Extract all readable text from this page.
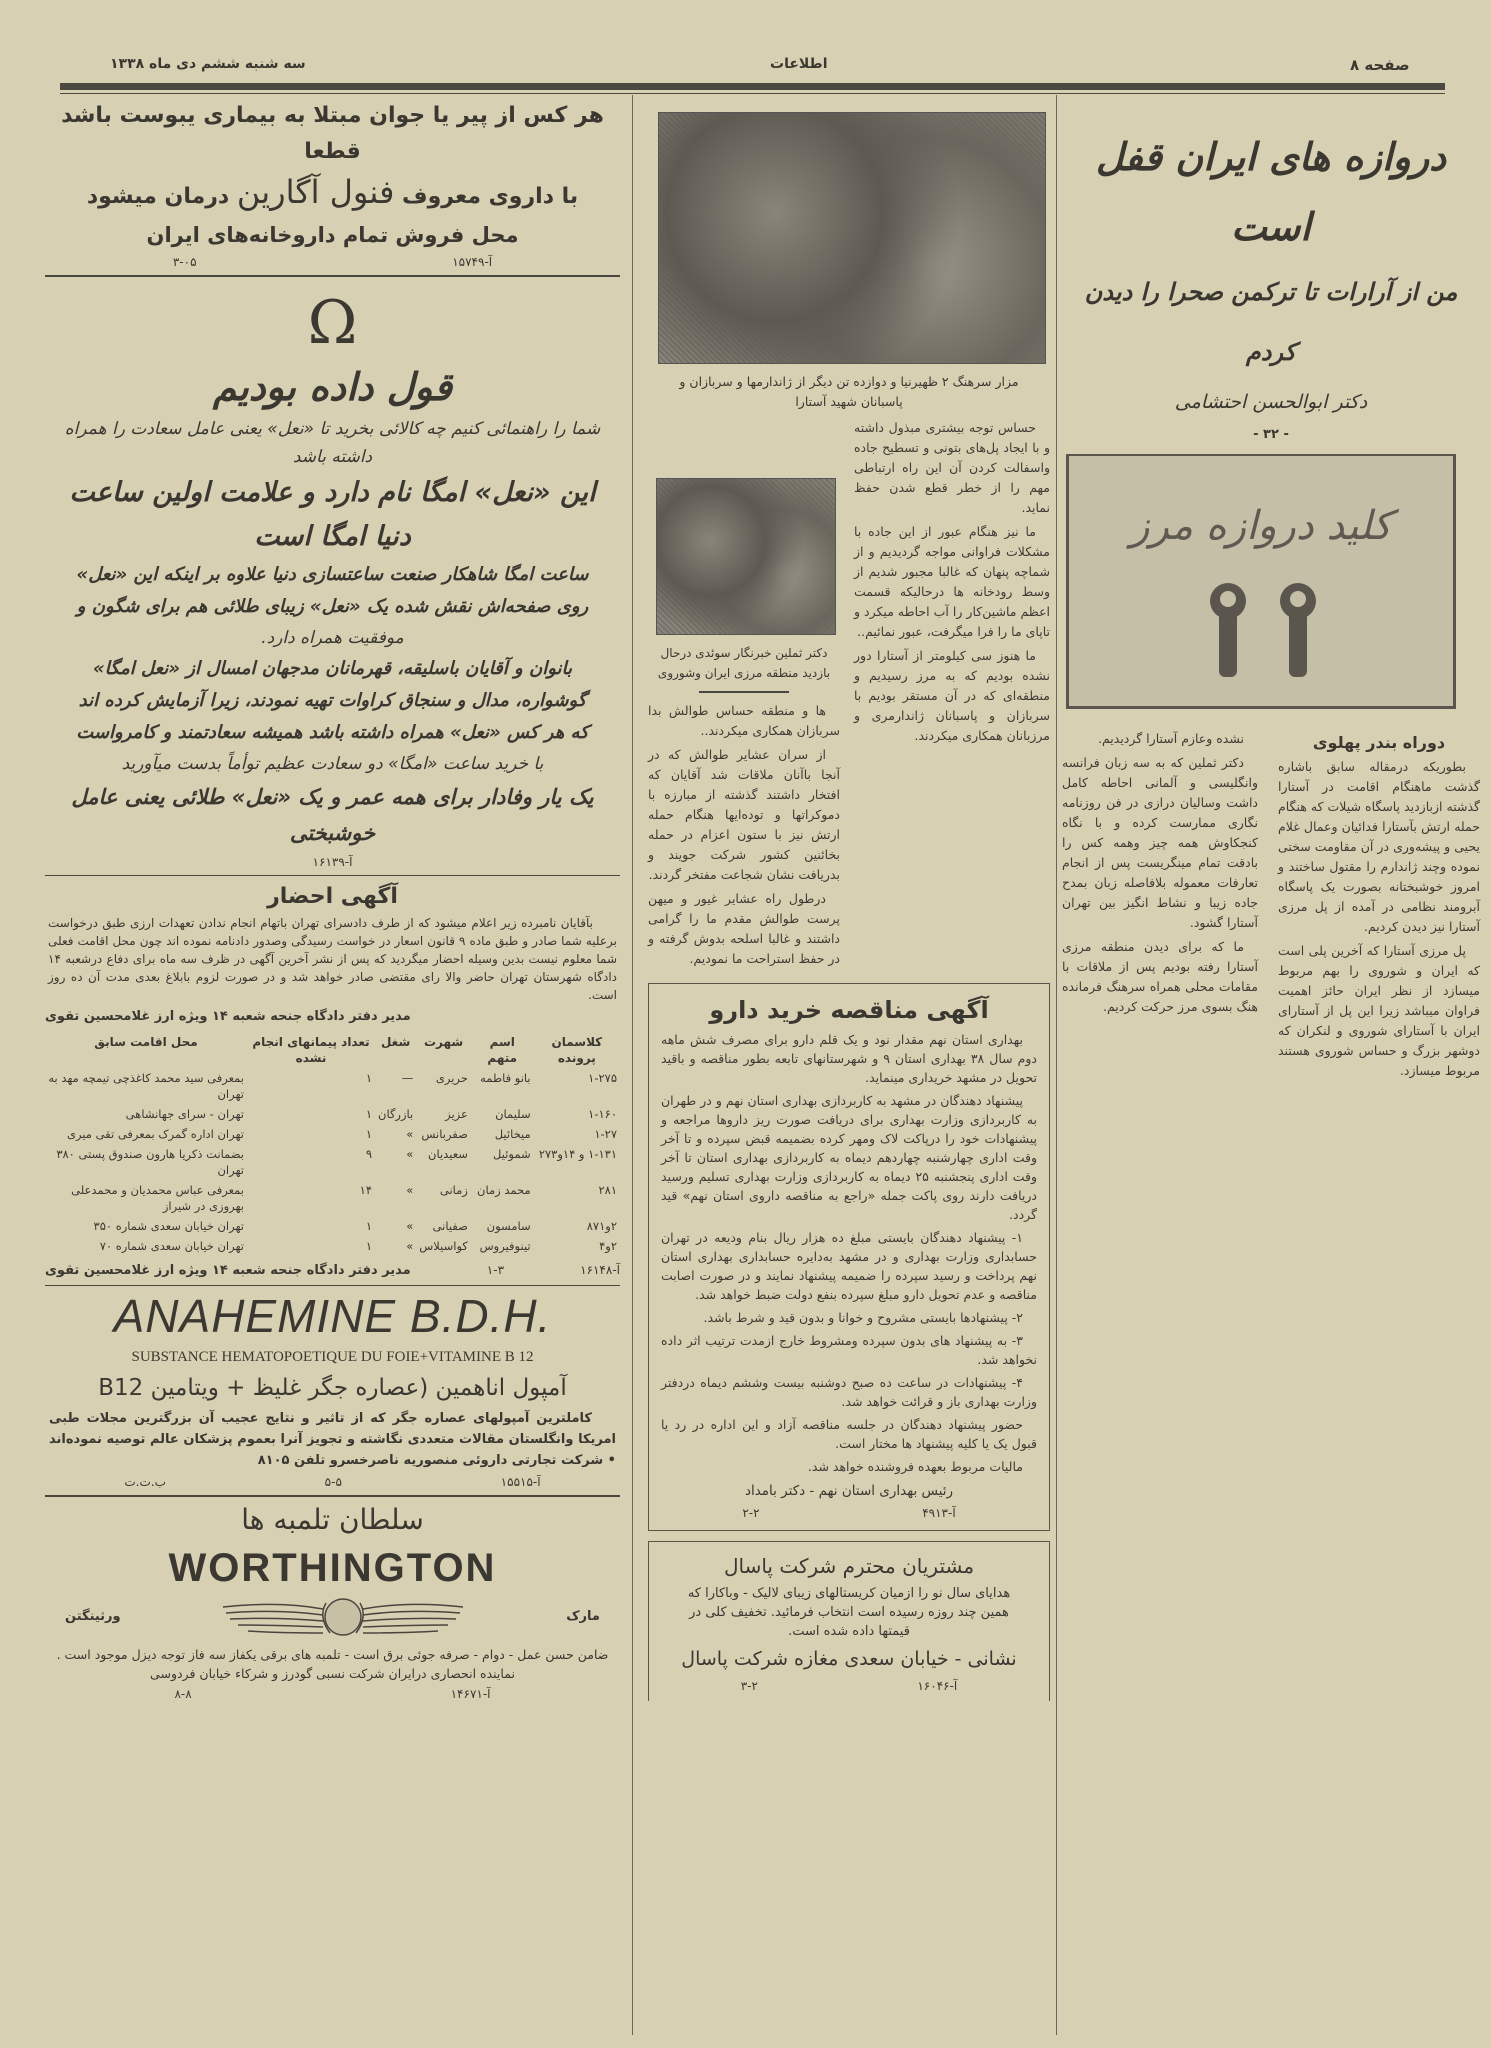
صفحه ۸
اطلاعات
سه شنبه ششم دی ماه ۱۳۳۸
هر کس از پیر یا جوان مبتلا به بیماری یبوست باشد قطعا
با داروی معروف فنول آگارین درمان میشود
محل فروش تمام داروخانه‌های ایران
۳-۰۵	آ-۱۵۷۴۹
Ω
قول داده بودیم
شما را راهنمائی کنیم چه کالائی بخرید تا «نعل» یعنی عامل سعادت را همراه
داشته باشد
این «نعل» امگا نام دارد و علامت اولین ساعت
دنیا امگا است
ساعت امگا شاهکار صنعت ساعتسازی دنیا علاوه بر اینکه این «نعل»
روی صفحه‌اش نقش شده یک «نعل» زیبای طلائی هم برای شگون و
موفقیت همراه دارد.
بانوان و آقایان باسلیقه، قهرمانان مدجهان امسال از «نعل امگا»
گوشواره، مدال و سنجاق کراوات تهیه نمودند، زیرا آزمایش کرده اند
که هر کس «نعل» همراه داشته باشد همیشه سعادتمند و کامرواست
با خرید ساعت «امگا» دو سعادت عظیم توأماً بدست میآورید
یک یار وفادار برای همه عمر و یک «نعل» طلائی یعنی عامل خوشبختی
آ-۱۶۱۳۹
آگهی احضار
بآقایان نامبرده زیر اعلام میشود که از طرف دادسرای تهران باتهام انجام ندادن تعهدات ارزی طبق درخواست برعلیه شما صادر و طبق ماده ۹ قانون اسعار در خواست رسیدگی وصدور دادنامه نموده اند چون محل اقامت فعلی شما معلوم نیست بدین وسیله احضار میگردید که پس از نشر آخرین آگهی در ظرف سه ماه برای دفاع درشعبه ۱۴ دادگاه شهرستان تهران حاضر والا رای مقتضی صادر خواهد شد و در صورت لزوم بابلاغ بعدی مدت آن ده روز است.
مدیر دفتر دادگاه جنحه شعبه ۱۴ ویژه ارز غلامحسین تقوی
کلاسمان پرونده	اسم متهم	شهرت	شغل	تعداد پیمانهای انجام نشده	محل اقامت سابق
۱-۲۷۵	بانو فاطمه	حریری	—	۱	بمعرفی سید محمد کاغذچی تیمچه مهد به تهران
۱-۱۶۰	سلیمان	عزیز	بازرگان	۱	تهران - سرای جهانشاهی
۱-۲۷	میخائیل	صفربانس	»	۱	تهران اداره گمرک بمعرفی تقی میری
۱-۱۳۱ و ۱۴و۲۷۳	شموئیل	سعیدیان	»	۹	بضمانت ذکریا هارون صندوق پستی ۳۸۰ تهران
۲۸۱	محمد زمان	زمانی	»	۱۴	بمعرفی عباس محمدیان و محمدعلی بهروزی در شیراز
۲و۸۷۱	سامسون	صفیانی	»	۱	تهران خیابان سعدی شماره ۳۵۰
۲و۴	تینوفیروس	کواسیلاس	»	۱	تهران خیابان سعدی شماره ۷۰
آ-۱۶۱۴۸
۱-۳
مدیر دفتر دادگاه جنحه شعبه ۱۴ ویژه ارز غلامحسین تقوی
ANAHEMINE B.D.H.
SUBSTANCE HEMATOPOETIQUE DU FOIE+VITAMINE B 12
آمپول اناهمین (عصاره جگر غلیظ + ویتامین B12
کاملترین آمپولهای عصاره جگر که از تاثیر و نتایج عجیب آن بزرگترین مجلات طبی امریکا وانگلستان مقالات متعددی نگاشته و تجویز آنرا بعموم پزشکان عالم توصیه نموده‌اند • شرکت تجارتی داروئی منصوریه ناصرخسرو تلفن ۸۱۰۵
ب.ت.ت	۵-۵	آ-۱۵۵۱۵
سلطان تلمبه ها
WORTHINGTON
ورثینگتن	مارک
ضامن حسن عمل - دوام - صرفه جوئی برق است - تلمبه های برقی یکفاز سه فاز توجه دیزل موجود است . نماینده انحصاری درایران شرکت نسبی گودرز و شرکاء خیابان فردوسی
۸-۸	آ-۱۴۶۷۱
مزار سرهنگ ۲ ظهیرنیا و دوازده تن دیگر از ژاندارمها و سربازان و پاسبانان شهید آستارا

حساس توجه بیشتری مبذول داشته و با ایجاد پل‌های بتونی و تسطیح جاده واسفالت کردن آن این راه ارتباطی مهم را از خطر قطع شدن حفظ نماید.

ما نیز هنگام عبور از این جاده با مشکلات فراوانی مواجه گردیدیم و از شماچه پنهان که غالبا مجبور شدیم از وسط رودخانه ها درحالیکه قسمت اعظم ماشین‌کار را آب احاطه میکرد و تاپای ما را فرا میگرفت، عبور نمائیم..

ما هنوز سی کیلومتر از آستارا دور نشده بودیم که به مرز رسیدیم و منطقه‌ای که در آن مستقر بودیم با سربازان و پاسبانان ژاندارمری و مرزبانان همکاری میکردند.

دکتر ثملین خبرنگار سوئدی درحال بازدید منطقه مرزی ایران وشوروی

ها و منطقه حساس طوالش بدا سربازان همکاری میکردند..

از سران عشایر طوالش که در آنجا باآنان ملاقات شد آقایان که افتخار داشتند گذشته از مبارزه با دموکراتها و توده‌ایها هنگام حمله ارتش نیز با ستون اعزام در حمله بخائنین کشور شرکت جویند و بدریافت نشان شجاعت مفتخر گردند.

درطول راه عشایر غیور و میهن پرست طوالش مقدم ما را گرامی داشتند و غالبا اسلحه بدوش گرفته و در حفظ استراحت ما نمودیم.

آگهی مناقصه خرید دارو

بهداری استان نهم مقدار نود و یک قلم دارو برای مصرف شش ماهه دوم سال ۳۸ بهداری استان ۹ و شهرستانهای تابعه بطور مناقصه و باقید تحویل در مشهد خریداری مینماید.

پیشنهاد دهندگان در مشهد به کاربردازی بهداری استان نهم و در طهران به کاربردازی وزارت بهداری برای دریافت صورت ریز داروها مراجعه و پیشنهادات خود را درپاکت لاک ومهر کرده بضمیمه قبض سپرده و تا آخر وقت اداری چهارشنبه چهاردهم دیماه به کاربردازی بهداری استان تا آخر وقت اداری پنجشنبه ۲۵ دیماه به کاربردازی وزارت بهداری تسلیم ورسید دریافت دارند روی پاکت جمله «راجع به مناقصه داروی استان نهم» قید گردد.

۱- پیشنهاد دهندگان بایستی مبلغ ده هزار ریال بنام ودیعه در تهران حسابداری وزارت بهداری و در مشهد به‌دایره حسابداری بهداری استان نهم پرداخت و رسید سپرده را ضمیمه پیشنهاد نمایند و در صورت اصابت مناقصه و عدم تحویل دارو مبلغ سپرده بنفع دولت ضبط خواهد شد.

۲- پیشنهادها بایستی مشروح و خوانا و بدون قید و شرط باشد.

۳- به پیشنهاد های بدون سپرده ومشروط خارج ازمدت ترتیب اثر داده نخواهد شد.

۴- پیشنهادات در ساعت ده صبح دوشنبه بیست وششم دیماه دردفتر وزارت بهداری باز و قرائت خواهد شد.

حضور پیشنهاد دهندگان در جلسه مناقصه آزاد و این اداره در رد یا قبول یک یا کلیه پیشنهاد ها مختار است.

مالیات مربوط بعهده فروشنده خواهد شد.

رئیس بهداری استان نهم - دکتر بامداد
۲-۲	آ-۴۹۱۳
مشتریان محترم شرکت پاسال
هدایای سال نو را ازمیان کریستالهای زیبای لالیک - وباکارا که همین چند روزه رسیده است انتخاب فرمائید. تخفیف کلی در قیمتها داده شده است.
نشانی - خیابان سعدی مغازه شرکت پاسال
۳-۲	آ-۱۶۰۴۶
دروازه های ایران قفل است
من از آرارات تا ترکمن صحرا را دیدن کردم
دکتر ابوالحسن احتشامی
- ۳۲ -
کلید دروازه مرز
دوراه بندر پهلوی

بطوریکه درمقاله سابق باشاره گذشت ماهنگام اقامت در آستارا گذشته ازبازدید پاسگاه شیلات که هنگام حمله ارتش بآستارا فدائیان وعمال غلام یحیی و پیشه‌وری در آن مقاومت سختی نموده وچند ژاندارم را مقتول ساختند و امروز خوشبختانه بصورت یک پاسگاه آبرومند نظامی در آمده از پل مرزی آستارا نیز دیدن کردیم.

پل مرزی آستارا که آخرین پلی است که ایران و شوروی را بهم مربوط میسازد از نظر ایران حائز اهمیت فراوان میباشد زیرا این پل از آستارای ایران با آستارای شوروی و لنکران که دوشهر بزرگ و حساس شوروی هستند مربوط میسازد.

نشده وعازم آستارا گردیدیم.

دکتر ثملین که به سه زبان فرانسه وانگلیسی و آلمانی احاطه کامل داشت وسالیان درازی در فن روزنامه نگاری ممارست کرده و با نگاه کنجکاوش همه چیز وهمه کس را بادقت تمام مینگریست پس از انجام تعارفات معموله بلافاصله زبان بمدح جاده زیبا و نشاط انگیز بین تهران آستارا گشود.

ما که برای دیدن منطقه مرزی آستارا رفته بودیم پس از ملاقات با مقامات محلی همراه سرهنگ فرمانده هنگ بسوی مرز حرکت کردیم.
